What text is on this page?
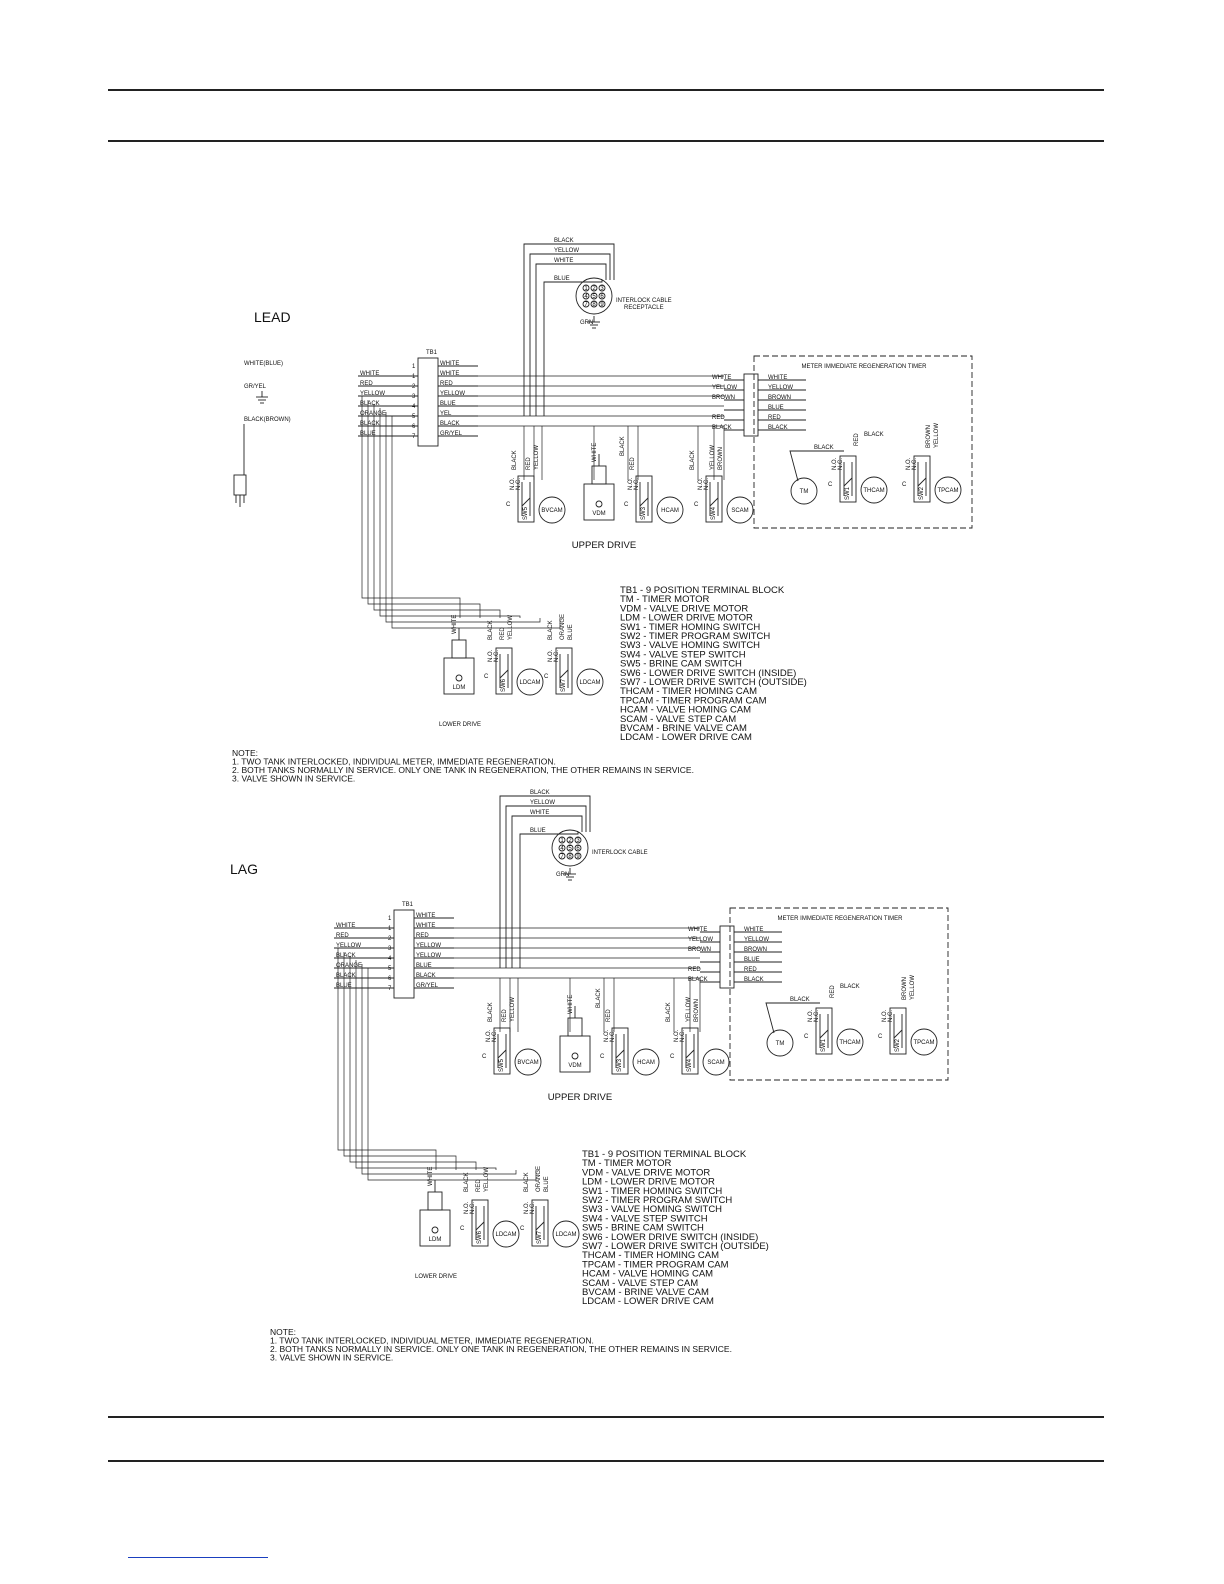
LEAD
1 2 3
4 5 6
7 8 9
INTERLOCK CABLE
RECEPTACLE
GRN
BLACK
YELLOW
WHITE
BLUE
TB1
1	WHITE
1	WHITE
2	RED
3	YELLOW
4	BLUE
5	YEL
6	BLACK
7	GR/YEL
WHITE
RED
YELLOW
BLACK
ORANGE
BLACK
BLUE
METER IMMEDIATE REGENERATION TIMER
WHITE	WHITE
YELLOW	YELLOW
BROWN	BROWN
BLUE
RED	RED
BLACK	BLACK
TM
BLACK
N.O. N.C.
C
SW1 THCAM
N.O. N.C.
C
SW2 TPCAM
RED	BROWN YELLOW
BLACK
N.O. N.C.
C
SW5 BVCAM
BLACK RED YELLOW
VDM
WHITE	BLACK
N.O. N.C.
C
SW3 HCAM
RED
N.O. N.C.
C
SW4 SCAM
BLACK YELLOW BROWN
UPPER DRIVE
LDM
WHITE
N.O. N.C.
C
SW6 LDCAM
BLACK RED YELLOW
N.O. N.C.
C
SW7 LDCAM
BLACK ORANGE BLUE
LOWER DRIVE
TB1 - 9 POSITION TERMINAL BLOCK
TM - TIMER MOTOR
VDM - VALVE DRIVE MOTOR
LDM - LOWER DRIVE MOTOR
SW1 - TIMER HOMING SWITCH
SW2 - TIMER PROGRAM SWITCH
SW3 - VALVE HOMING SWITCH
SW4 - VALVE STEP SWITCH
SW5 - BRINE CAM SWITCH
SW6 - LOWER DRIVE SWITCH (INSIDE)
SW7 - LOWER DRIVE SWITCH (OUTSIDE)
THCAM - TIMER HOMING CAM
TPCAM - TIMER PROGRAM CAM
HCAM - VALVE HOMING CAM
SCAM - VALVE STEP CAM
BVCAM - BRINE VALVE CAM
LDCAM - LOWER DRIVE CAM
NOTE:
1. TWO TANK INTERLOCKED, INDIVIDUAL METER, IMMEDIATE REGENERATION.
2. BOTH TANKS NORMALLY IN SERVICE. ONLY ONE TANK IN REGENERATION, THE OTHER REMAINS IN SERVICE.
3. VALVE SHOWN IN SERVICE.
WHITE(BLUE)
GR/YEL
BLACK(BROWN)
LAG
1 2 3
4 5 6
7 8 9
INTERLOCK CABLE
GRN
BLACK
YELLOW
WHITE
BLUE
TB1
1	WHITE
1	WHITE
2	RED
3	YELLOW
4	YELLOW
5	BLUE
6	BLACK
7	GR/YEL
WHITE
RED
YELLOW
BLACK
ORANGE
BLACK
BLUE
METER IMMEDIATE REGENERATION TIMER
WHITE	WHITE
YELLOW	YELLOW
BROWN	BROWN
BLUE
RED	RED
BLACK	BLACK
TM
BLACK
N.O. N.C.
C
SW1 THCAM
N.O. N.C.
C
SW2 TPCAM
RED	BROWN YELLOW
BLACK
N.O. N.C.
C
SW5 BVCAM
BLACK RED YELLOW
VDM
WHITE	BLACK
N.O. N.C.
C
SW3 HCAM
RED
N.O. N.C.
C
SW4 SCAM
BLACK YELLOW BROWN
UPPER DRIVE
LDM
WHITE
N.O. N.C.
C
SW6 LDCAM
BLACK RED YELLOW
N.O. N.C.
C
SW7 LDCAM
BLACK ORANGE BLUE
LOWER DRIVE
TB1 - 9 POSITION TERMINAL BLOCK
TM - TIMER MOTOR
VDM - VALVE DRIVE MOTOR
LDM - LOWER DRIVE MOTOR
SW1 - TIMER HOMING SWITCH
SW2 - TIMER PROGRAM SWITCH
SW3 - VALVE HOMING SWITCH
SW4 - VALVE STEP SWITCH
SW5 - BRINE CAM SWITCH
SW6 - LOWER DRIVE SWITCH (INSIDE)
SW7 - LOWER DRIVE SWITCH (OUTSIDE)
THCAM - TIMER HOMING CAM
TPCAM - TIMER PROGRAM CAM
HCAM - VALVE HOMING CAM
SCAM - VALVE STEP CAM
BVCAM - BRINE VALVE CAM
LDCAM - LOWER DRIVE CAM
NOTE:
1. TWO TANK INTERLOCKED, INDIVIDUAL METER, IMMEDIATE REGENERATION.
2. BOTH TANKS NORMALLY IN SERVICE. ONLY ONE TANK IN REGENERATION, THE OTHER REMAINS IN SERVICE.
3. VALVE SHOWN IN SERVICE.
